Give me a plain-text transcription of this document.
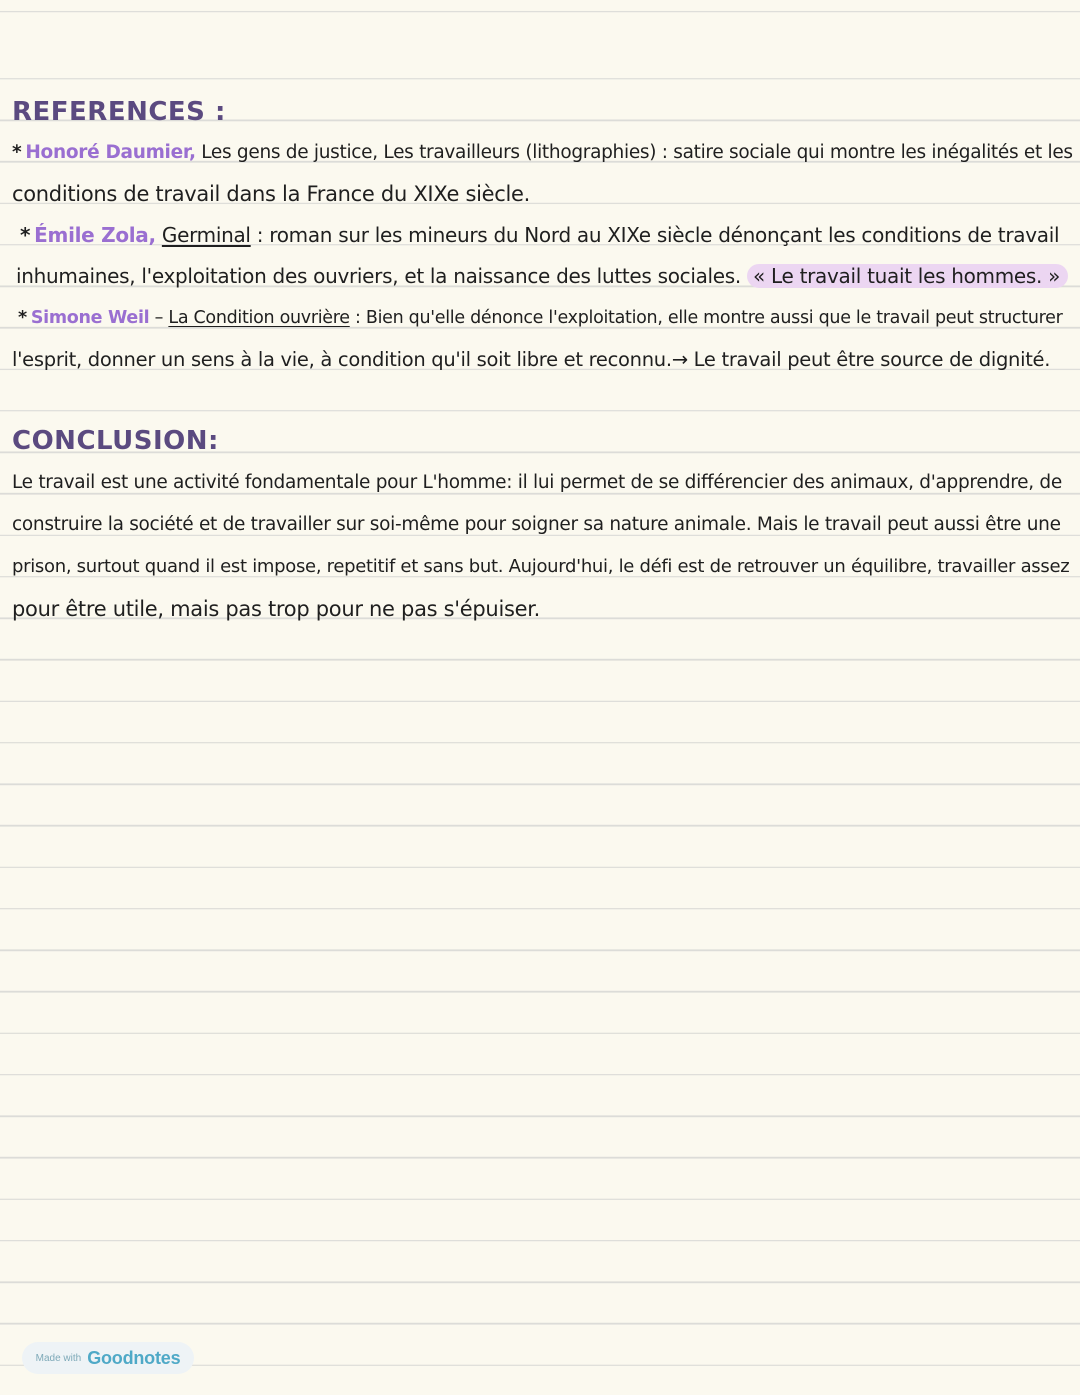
REFERENCES :
* Honoré Daumier, Les gens de justice, Les travailleurs (lithographies) : satire sociale qui montre les inégalités et les
conditions de travail dans la France du XIXe siècle.
* Émile Zola, Germinal : roman sur les mineurs du Nord au XIXe siècle dénonçant les conditions de travail
inhumaines, l'exploitation des ouvriers, et la naissance des luttes sociales. « Le travail tuait les hommes. »
* Simone Weil – La Condition ouvrière : Bien qu'elle dénonce l'exploitation, elle montre aussi que le travail peut structurer
l'esprit, donner un sens à la vie, à condition qu'il soit libre et reconnu.→ Le travail peut être source de dignité.
CONCLUSION:
Le travail est une activité fondamentale pour L'homme: il lui permet de se différencier des animaux, d'apprendre, de
construire la société et de travailler sur soi-même pour soigner sa nature animale. Mais le travail peut aussi être une
prison, surtout quand il est impose, repetitif et sans but. Aujourd'hui, le défi est de retrouver un équilibre, travailler assez
pour être utile, mais pas trop pour ne pas s'épuiser.
Made with Goodnotes
